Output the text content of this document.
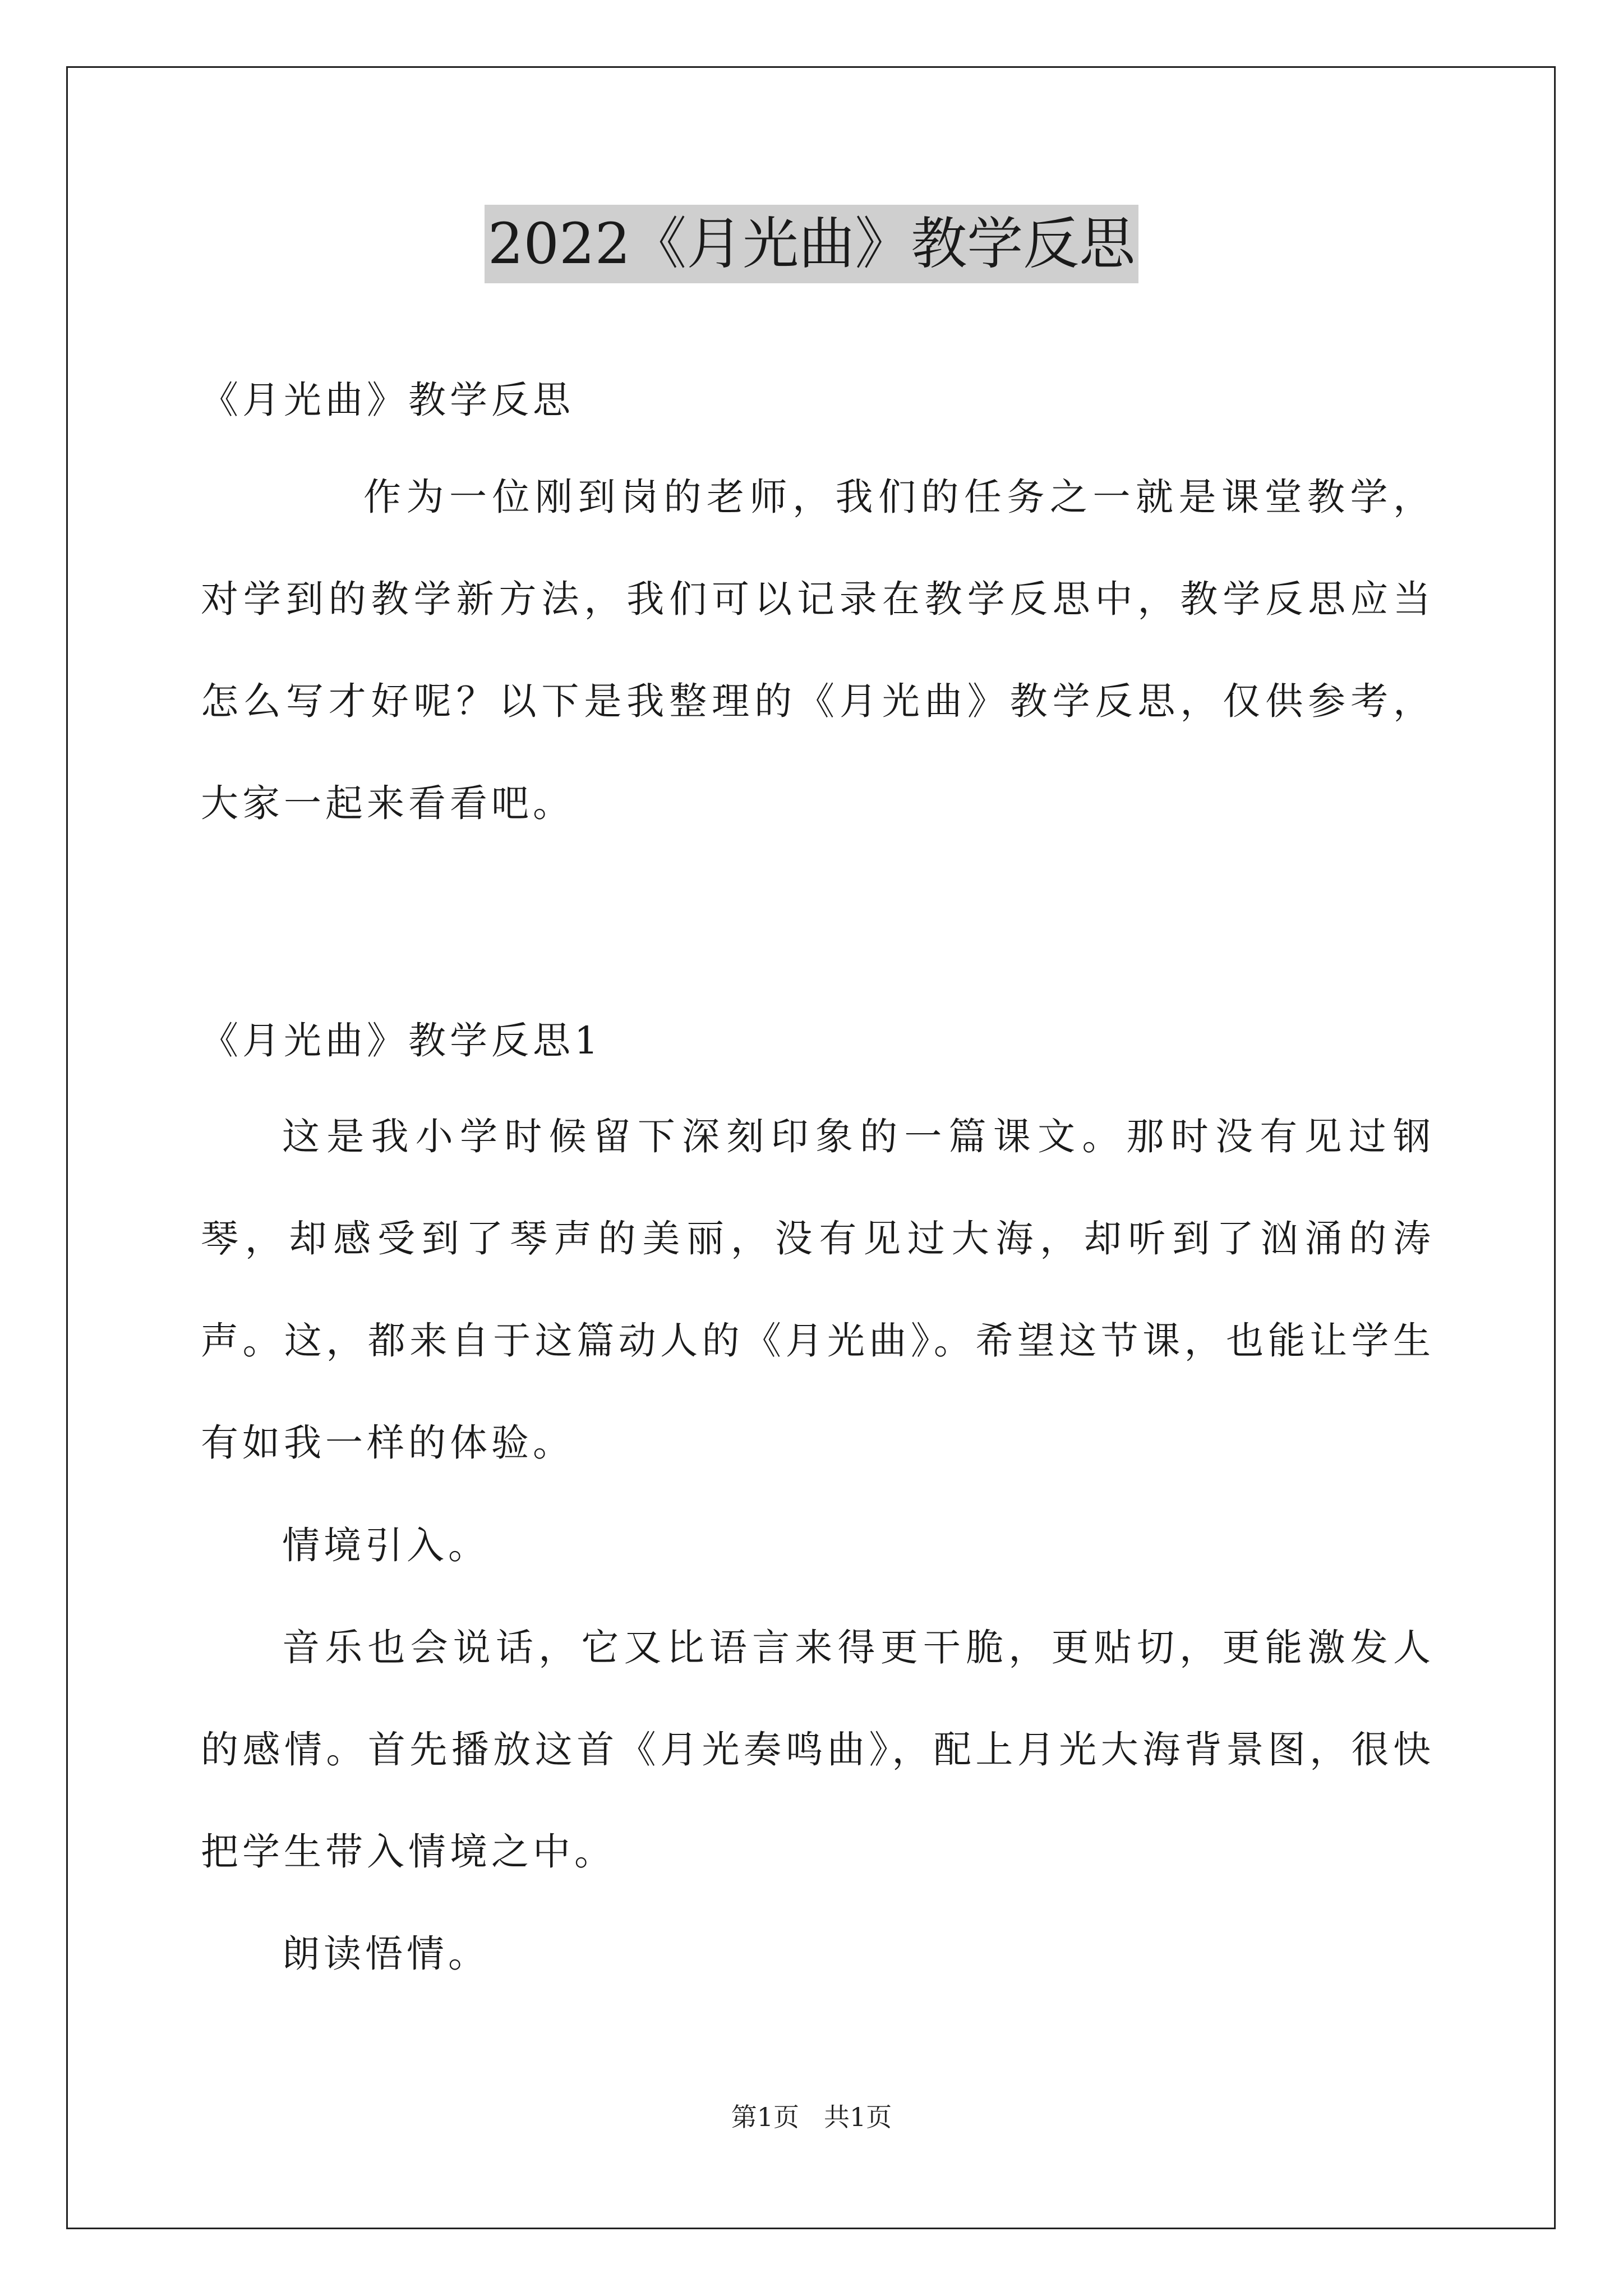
2022《月光曲》教学反思
《月光曲》教学反思
作为一位刚到岗的老师，我们的任务之一就是课堂教学，对学到的教学新方法，我们可以记录在教学反思中，教学反思应当怎么写才好呢？以下是我整理的《月光曲》教学反思，仅供参考，大家一起来看看吧。
《月光曲》教学反思1
这是我小学时候留下深刻印象的一篇课文。那时没有见过钢琴，却感受到了琴声的美丽，没有见过大海，却听到了汹涌的涛声。这，都来自于这篇动人的《月光曲》。希望这节课，也能让学生有如我一样的体验。
情境引入。
音乐也会说话，它又比语言来得更干脆，更贴切，更能激发人的感情。首先播放这首《月光奏鸣曲》，配上月光大海背景图，很快把学生带入情境之中。
朗读悟情。
第1页 共1页
